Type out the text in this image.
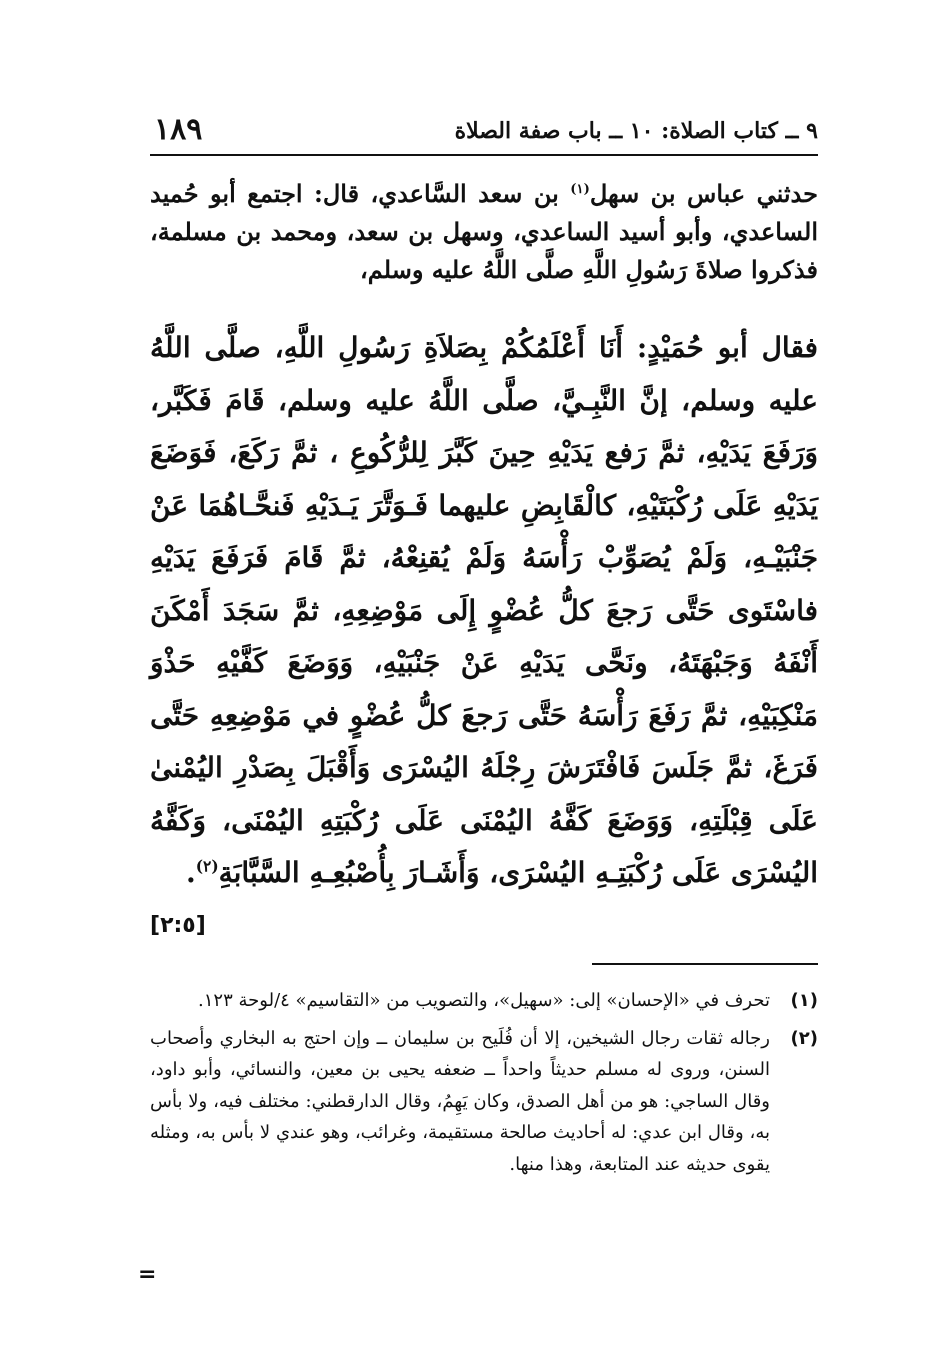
١٨٩	٩ ــ كتاب الصلاة: ١٠ ــ باب صفة الصلاة
حدثني عباس بن سهل$^{(١)}$ بن سعد السَّاعدي، قال: اجتمع أبو حُميد الساعدي، وأبو أسيد الساعدي، وسهل بن سعد، ومحمد بن مسلمة، فذكروا صلاةَ رَسُولِ اللَّهِ صلَّى اللَّهُ عليه وسلم،
فقال أبو حُمَيْدٍ: أَنَا أَعْلَمُكُمْ بِصَلاَةِ رَسُولِ اللَّهِ، صلَّى اللَّهُ عليه وسلم، إنَّ النَّبِـيَّ، صلَّى اللَّهُ عليه وسلم، قَامَ فَكَبَّر، وَرَفَعَ يَدَيْهِ، ثمَّ رَفع يَدَيْهِ حِينَ كَبَّرَ لِلرُّكُوعِ ، ثمَّ رَكَعَ، فَوَضَعَ يَدَيْهِ عَلَى رُكْبَتَيْهِ، كالْقَابِضِ عليهما فَـوَتَّرَ يَـدَيْهِ فَنحَّـاهُمَا عَنْ جَنْبَيْـهِ، وَلَمْ يُصَوِّبْ رَأْسَهُ وَلَمْ يُقنِعْهُ، ثمَّ قَامَ فَرَفَعَ يَدَيْهِ فاسْتَوى حَتَّى رَجعَ كلُّ عُضْوٍ إِلَى مَوْضِعِهِ، ثمَّ سَجَدَ أَمْكَنَ أَنْفَهُ وَجَبْهَتَهُ، ونَحَّى يَدَيْهِ عَنْ جَنْبَيْهِ، وَوَضَعَ كَفَّيْهِ حَذْوَ مَنْكِبَيْهِ، ثمَّ رَفَعَ رَأْسَهُ حَتَّى رَجعَ كلُّ عُضْوٍ في مَوْضِعِهِ حَتَّى فَرَغَ، ثمَّ جَلَسَ فَافْتَرَشَ رِجْلَهُ اليُسْرَى وَأَقْبَلَ بِصَدْرِ اليُمْنىٰ عَلَى قِبْلَتِهِ، وَوَضَعَ كَفَّهُ اليُمْنَى عَلَى رُكْبَتِهِ اليُمْنَى، وَكَفَّهُ اليُسْرَى عَلَى رُكْبَتِـهِ اليُسْرَى، وَأَشَـارَ بِأُصْبُعِـهِ السَّبَّابَةِ$^{(٢)}$.
[٢:٥]
(١)
تحرف في «الإحسان» إلى: «سهيل»، والتصويب من «التقاسيم» ٤/لوحة ١٢٣.
(٢)
رجاله ثقات رجال الشيخين، إلا أن فُلَيح بن سليمان ــ وإن احتج به البخاري وأصحاب السنن، وروى له مسلم حديثاً واحداً ــ ضعفه يحيى بن معين، والنسائي، وأبو داود، وقال الساجي: هو من أهل الصدق، وكان يَهِمُ، وقال الدارقطني: مختلف فيه، ولا بأس به، وقال ابن عدي: له أحاديث صالحة مستقيمة، وغرائب، وهو عندي لا بأس به، ومثله يقوى حديثه عند المتابعة، وهذا منها.
=
